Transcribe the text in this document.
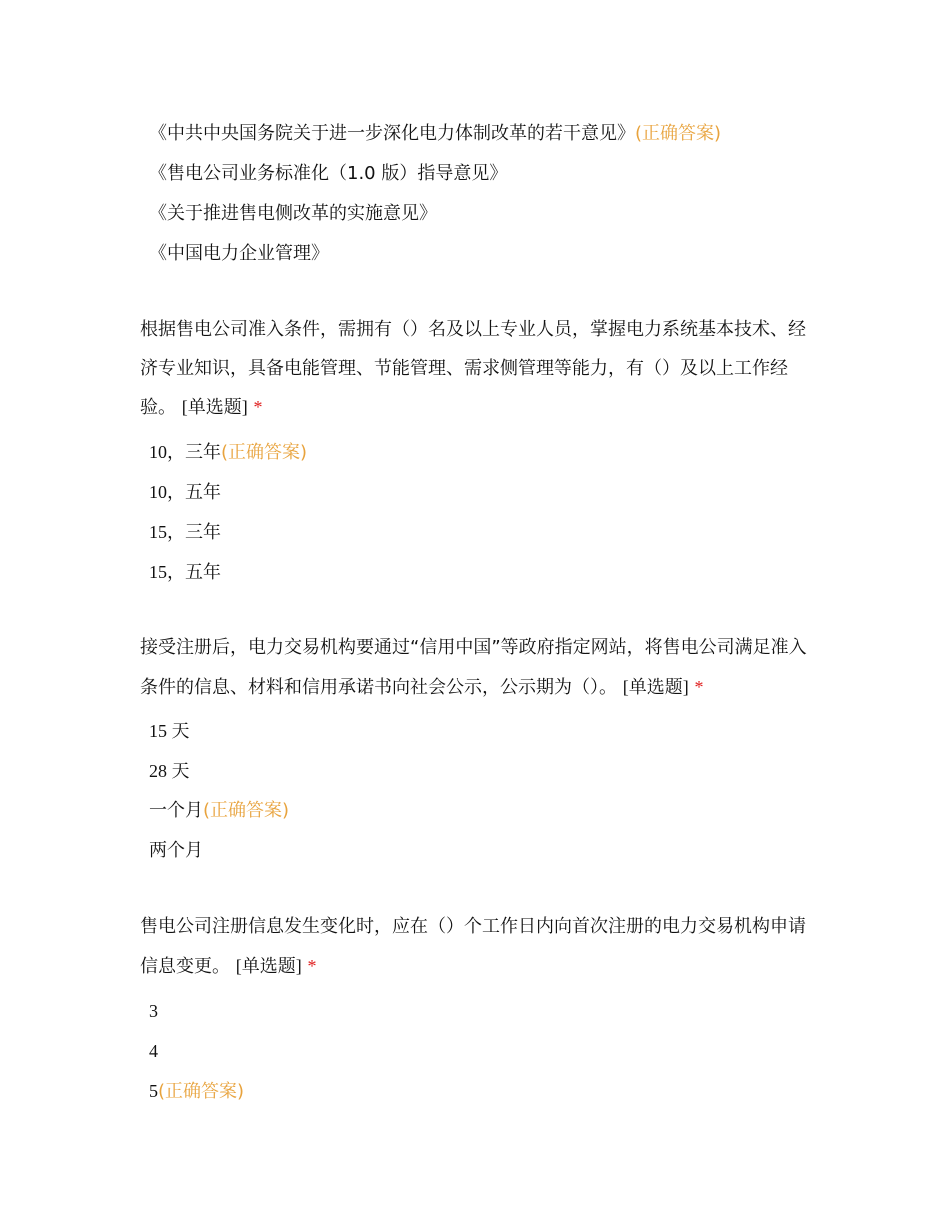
《中共中央国务院关于进一步深化电力体制改革的若干意见》(正确答案)
《售电公司业务标准化（1.0 版）指导意见》
《关于推进售电侧改革的实施意见》
《中国电力企业管理》

根据售电公司准入条件，需拥有（）名及以上专业人员，掌握电力系统基本技术、经济专业知识，具备电能管理、节能管理、需求侧管理等能力，有（）及以上工作经验。 [单选题] *

10，三年(正确答案)
10，五年
15，三年
15，五年

接受注册后，电力交易机构要通过“信用中国”等政府指定网站，将售电公司满足准入条件的信息、材料和信用承诺书向社会公示，公示期为（）。 [单选题] *

15 天
28 天
一个月(正确答案)
两个月

售电公司注册信息发生变化时，应在（）个工作日内向首次注册的电力交易机构申请信息变更。 [单选题] *

3
4
5(正确答案)
